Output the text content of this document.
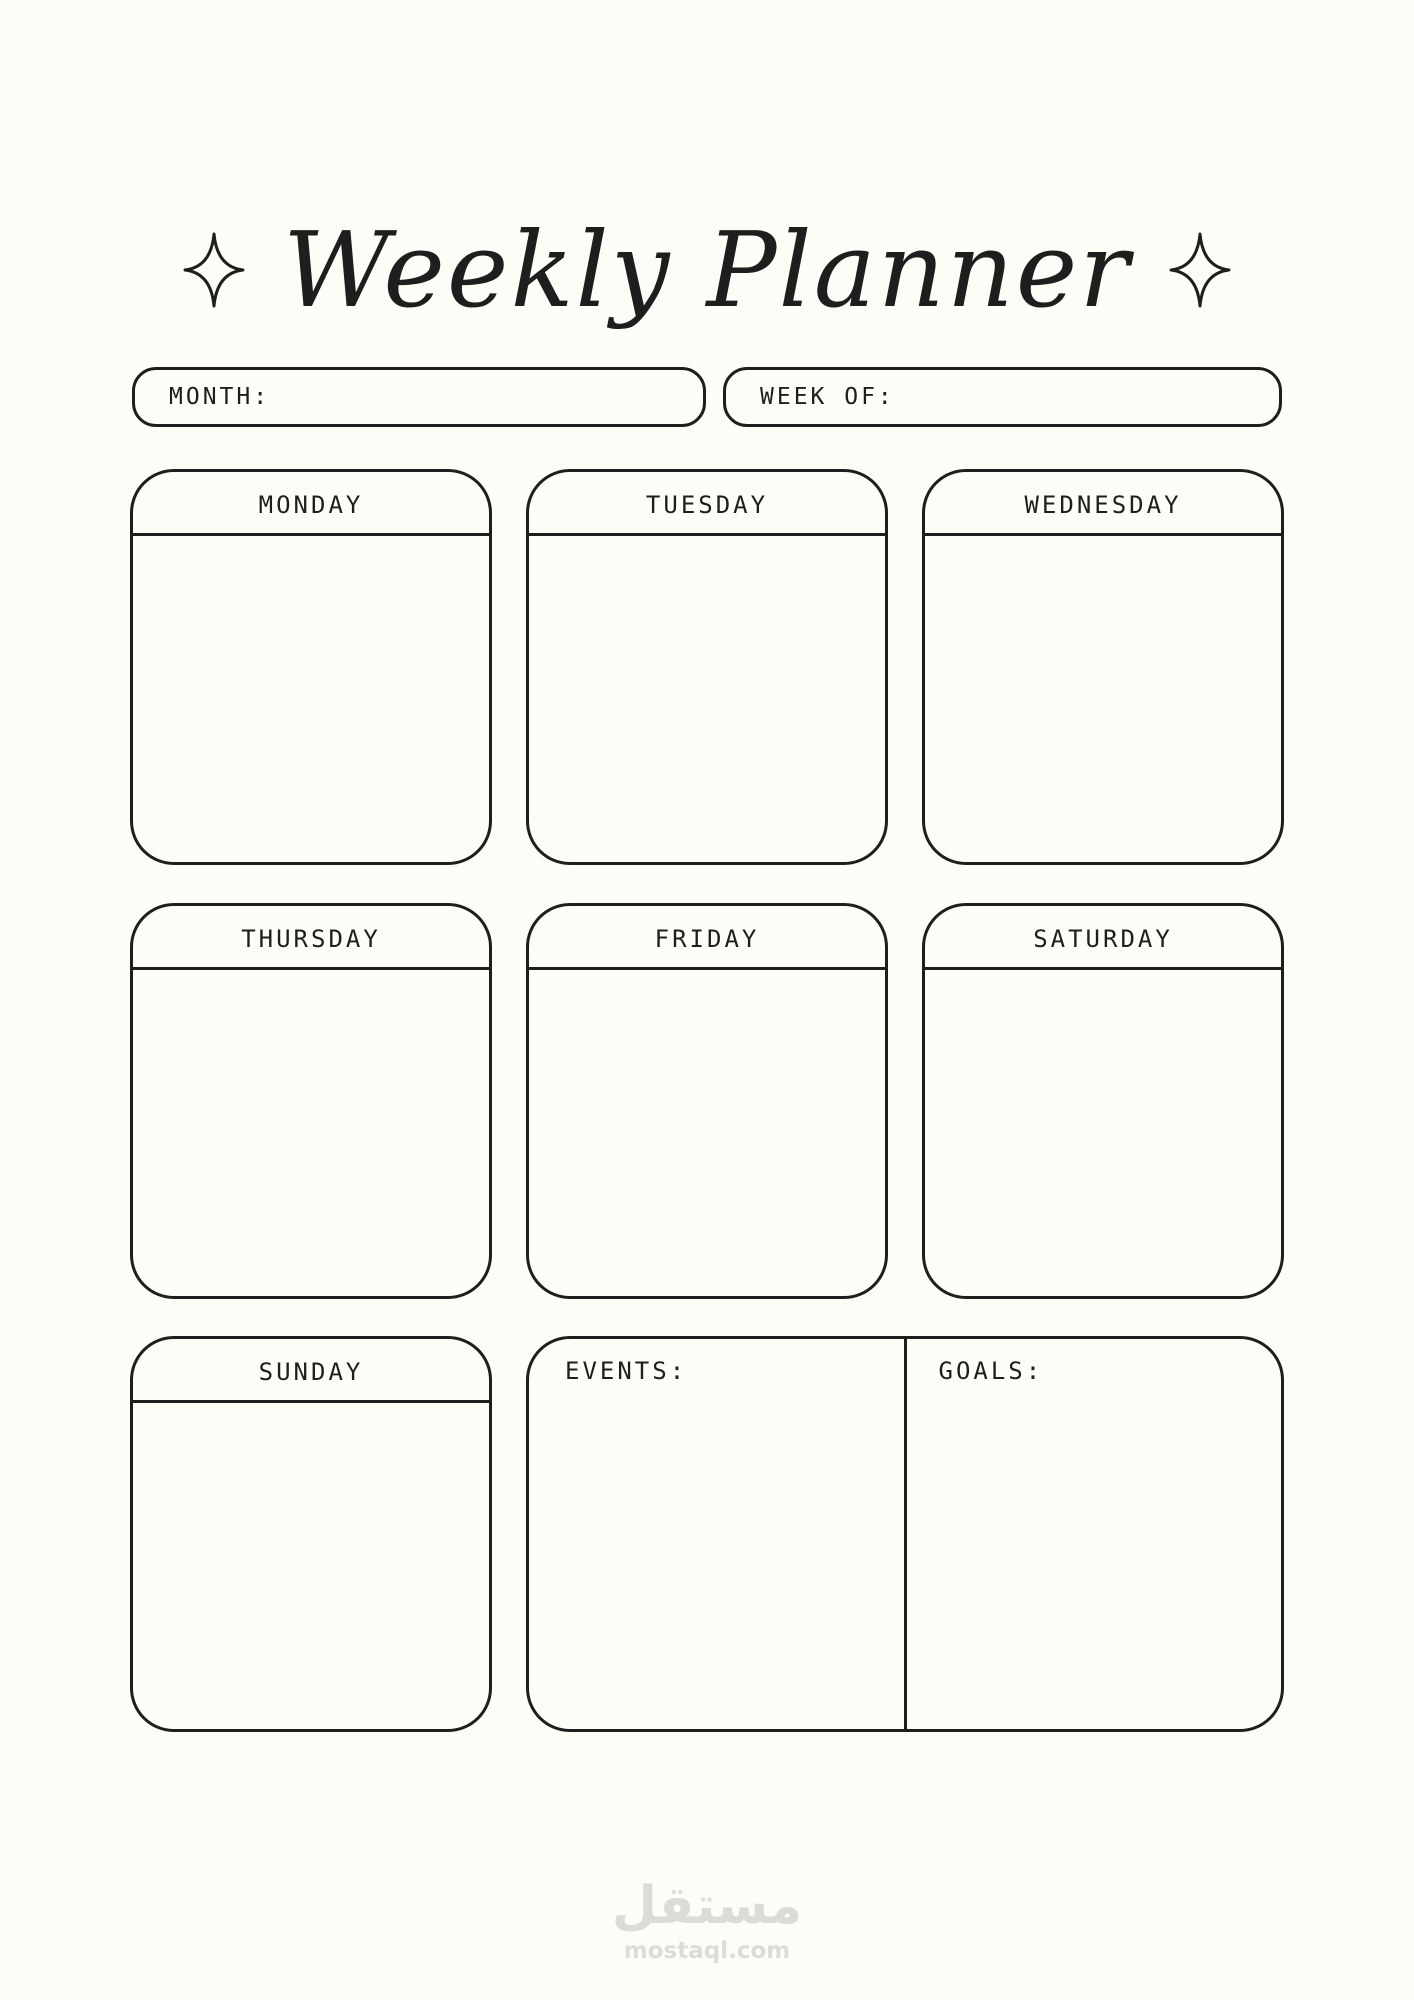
Weekly Planner
MONTH:	WEEK OF:
MONDAY	TUESDAY	WEDNESDAY
THURSDAY	FRIDAY	SATURDAY
SUNDAY	EVENTS:	GOALS:
مستقل
mostaql.com
